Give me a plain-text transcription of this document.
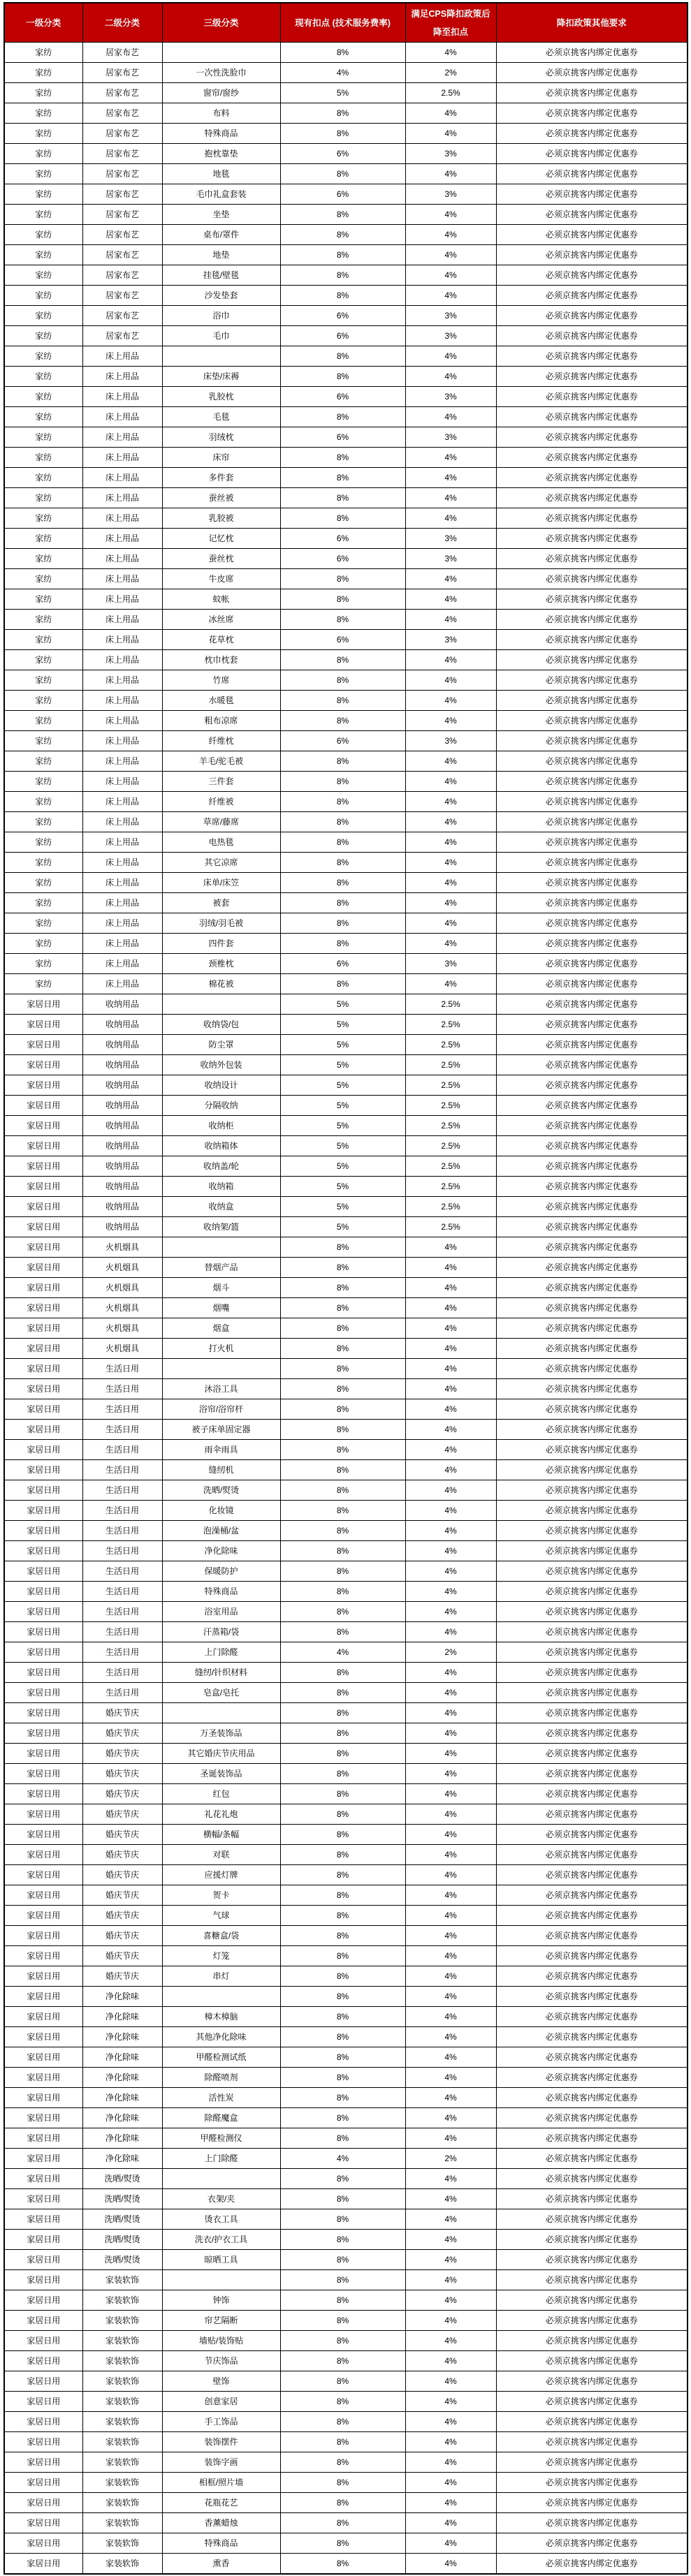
一级分类	二级分类	三级分类	现有扣点 (技术服务费率)	满足CPS降扣政策后降至扣点	降扣政策其他要求
家纺	居家布艺		8%	4%	必须京挑客内绑定优惠券
家纺	居家布艺	一次性洗脸巾	4%	2%	必须京挑客内绑定优惠券
家纺	居家布艺	窗帘/窗纱	5%	2.5%	必须京挑客内绑定优惠券
家纺	居家布艺	布料	8%	4%	必须京挑客内绑定优惠券
家纺	居家布艺	特殊商品	8%	4%	必须京挑客内绑定优惠券
家纺	居家布艺	抱枕靠垫	6%	3%	必须京挑客内绑定优惠券
家纺	居家布艺	地毯	8%	4%	必须京挑客内绑定优惠券
家纺	居家布艺	毛巾礼盒套装	6%	3%	必须京挑客内绑定优惠券
家纺	居家布艺	坐垫	8%	4%	必须京挑客内绑定优惠券
家纺	居家布艺	桌布/罩件	8%	4%	必须京挑客内绑定优惠券
家纺	居家布艺	地垫	8%	4%	必须京挑客内绑定优惠券
家纺	居家布艺	挂毯/壁毯	8%	4%	必须京挑客内绑定优惠券
家纺	居家布艺	沙发垫套	8%	4%	必须京挑客内绑定优惠券
家纺	居家布艺	浴巾	6%	3%	必须京挑客内绑定优惠券
家纺	居家布艺	毛巾	6%	3%	必须京挑客内绑定优惠券
家纺	床上用品		8%	4%	必须京挑客内绑定优惠券
家纺	床上用品	床垫/床褥	8%	4%	必须京挑客内绑定优惠券
家纺	床上用品	乳胶枕	6%	3%	必须京挑客内绑定优惠券
家纺	床上用品	毛毯	8%	4%	必须京挑客内绑定优惠券
家纺	床上用品	羽绒枕	6%	3%	必须京挑客内绑定优惠券
家纺	床上用品	床帘	8%	4%	必须京挑客内绑定优惠券
家纺	床上用品	多件套	8%	4%	必须京挑客内绑定优惠券
家纺	床上用品	蚕丝被	8%	4%	必须京挑客内绑定优惠券
家纺	床上用品	乳胶被	8%	4%	必须京挑客内绑定优惠券
家纺	床上用品	记忆枕	6%	3%	必须京挑客内绑定优惠券
家纺	床上用品	蚕丝枕	6%	3%	必须京挑客内绑定优惠券
家纺	床上用品	牛皮席	8%	4%	必须京挑客内绑定优惠券
家纺	床上用品	蚊帐	8%	4%	必须京挑客内绑定优惠券
家纺	床上用品	冰丝席	8%	4%	必须京挑客内绑定优惠券
家纺	床上用品	花草枕	6%	3%	必须京挑客内绑定优惠券
家纺	床上用品	枕巾枕套	8%	4%	必须京挑客内绑定优惠券
家纺	床上用品	竹席	8%	4%	必须京挑客内绑定优惠券
家纺	床上用品	水暖毯	8%	4%	必须京挑客内绑定优惠券
家纺	床上用品	粗布凉席	8%	4%	必须京挑客内绑定优惠券
家纺	床上用品	纤维枕	6%	3%	必须京挑客内绑定优惠券
家纺	床上用品	羊毛/驼毛被	8%	4%	必须京挑客内绑定优惠券
家纺	床上用品	三件套	8%	4%	必须京挑客内绑定优惠券
家纺	床上用品	纤维被	8%	4%	必须京挑客内绑定优惠券
家纺	床上用品	草席/藤席	8%	4%	必须京挑客内绑定优惠券
家纺	床上用品	电热毯	8%	4%	必须京挑客内绑定优惠券
家纺	床上用品	其它凉席	8%	4%	必须京挑客内绑定优惠券
家纺	床上用品	床单/床笠	8%	4%	必须京挑客内绑定优惠券
家纺	床上用品	被套	8%	4%	必须京挑客内绑定优惠券
家纺	床上用品	羽绒/羽毛被	8%	4%	必须京挑客内绑定优惠券
家纺	床上用品	四件套	8%	4%	必须京挑客内绑定优惠券
家纺	床上用品	颈椎枕	6%	3%	必须京挑客内绑定优惠券
家纺	床上用品	棉花被	8%	4%	必须京挑客内绑定优惠券
家居日用	收纳用品		5%	2.5%	必须京挑客内绑定优惠券
家居日用	收纳用品	收纳袋/包	5%	2.5%	必须京挑客内绑定优惠券
家居日用	收纳用品	防尘罩	5%	2.5%	必须京挑客内绑定优惠券
家居日用	收纳用品	收纳外包装	5%	2.5%	必须京挑客内绑定优惠券
家居日用	收纳用品	收纳设计	5%	2.5%	必须京挑客内绑定优惠券
家居日用	收纳用品	分隔收纳	5%	2.5%	必须京挑客内绑定优惠券
家居日用	收纳用品	收纳柜	5%	2.5%	必须京挑客内绑定优惠券
家居日用	收纳用品	收纳箱体	5%	2.5%	必须京挑客内绑定优惠券
家居日用	收纳用品	收纳盖/轮	5%	2.5%	必须京挑客内绑定优惠券
家居日用	收纳用品	收纳箱	5%	2.5%	必须京挑客内绑定优惠券
家居日用	收纳用品	收纳盒	5%	2.5%	必须京挑客内绑定优惠券
家居日用	收纳用品	收纳架/篮	5%	2.5%	必须京挑客内绑定优惠券
家居日用	火机烟具		8%	4%	必须京挑客内绑定优惠券
家居日用	火机烟具	替烟产品	8%	4%	必须京挑客内绑定优惠券
家居日用	火机烟具	烟斗	8%	4%	必须京挑客内绑定优惠券
家居日用	火机烟具	烟嘴	8%	4%	必须京挑客内绑定优惠券
家居日用	火机烟具	烟盒	8%	4%	必须京挑客内绑定优惠券
家居日用	火机烟具	打火机	8%	4%	必须京挑客内绑定优惠券
家居日用	生活日用		8%	4%	必须京挑客内绑定优惠券
家居日用	生活日用	沐浴工具	8%	4%	必须京挑客内绑定优惠券
家居日用	生活日用	浴帘/浴帘杆	8%	4%	必须京挑客内绑定优惠券
家居日用	生活日用	被子床单固定器	8%	4%	必须京挑客内绑定优惠券
家居日用	生活日用	雨伞雨具	8%	4%	必须京挑客内绑定优惠券
家居日用	生活日用	缝纫机	8%	4%	必须京挑客内绑定优惠券
家居日用	生活日用	洗晒/熨烫	8%	4%	必须京挑客内绑定优惠券
家居日用	生活日用	化妆镜	8%	4%	必须京挑客内绑定优惠券
家居日用	生活日用	泡澡桶/盆	8%	4%	必须京挑客内绑定优惠券
家居日用	生活日用	净化除味	8%	4%	必须京挑客内绑定优惠券
家居日用	生活日用	保暖防护	8%	4%	必须京挑客内绑定优惠券
家居日用	生活日用	特殊商品	8%	4%	必须京挑客内绑定优惠券
家居日用	生活日用	浴室用品	8%	4%	必须京挑客内绑定优惠券
家居日用	生活日用	汗蒸箱/袋	8%	4%	必须京挑客内绑定优惠券
家居日用	生活日用	上门除醛	4%	2%	必须京挑客内绑定优惠券
家居日用	生活日用	缝纫/针织材料	8%	4%	必须京挑客内绑定优惠券
家居日用	生活日用	皂盒/皂托	8%	4%	必须京挑客内绑定优惠券
家居日用	婚庆节庆		8%	4%	必须京挑客内绑定优惠券
家居日用	婚庆节庆	万圣装饰品	8%	4%	必须京挑客内绑定优惠券
家居日用	婚庆节庆	其它婚庆节庆用品	8%	4%	必须京挑客内绑定优惠券
家居日用	婚庆节庆	圣诞装饰品	8%	4%	必须京挑客内绑定优惠券
家居日用	婚庆节庆	红包	8%	4%	必须京挑客内绑定优惠券
家居日用	婚庆节庆	礼花礼炮	8%	4%	必须京挑客内绑定优惠券
家居日用	婚庆节庆	横幅/条幅	8%	4%	必须京挑客内绑定优惠券
家居日用	婚庆节庆	对联	8%	4%	必须京挑客内绑定优惠券
家居日用	婚庆节庆	应援灯牌	8%	4%	必须京挑客内绑定优惠券
家居日用	婚庆节庆	贺卡	8%	4%	必须京挑客内绑定优惠券
家居日用	婚庆节庆	气球	8%	4%	必须京挑客内绑定优惠券
家居日用	婚庆节庆	喜糖盒/袋	8%	4%	必须京挑客内绑定优惠券
家居日用	婚庆节庆	灯笼	8%	4%	必须京挑客内绑定优惠券
家居日用	婚庆节庆	串灯	8%	4%	必须京挑客内绑定优惠券
家居日用	净化除味		8%	4%	必须京挑客内绑定优惠券
家居日用	净化除味	樟木樟脑	8%	4%	必须京挑客内绑定优惠券
家居日用	净化除味	其他净化除味	8%	4%	必须京挑客内绑定优惠券
家居日用	净化除味	甲醛检测试纸	8%	4%	必须京挑客内绑定优惠券
家居日用	净化除味	除醛喷剂	8%	4%	必须京挑客内绑定优惠券
家居日用	净化除味	活性炭	8%	4%	必须京挑客内绑定优惠券
家居日用	净化除味	除醛魔盒	8%	4%	必须京挑客内绑定优惠券
家居日用	净化除味	甲醛检测仪	8%	4%	必须京挑客内绑定优惠券
家居日用	净化除味	上门除醛	4%	2%	必须京挑客内绑定优惠券
家居日用	洗晒/熨烫		8%	4%	必须京挑客内绑定优惠券
家居日用	洗晒/熨烫	衣架/夹	8%	4%	必须京挑客内绑定优惠券
家居日用	洗晒/熨烫	烫衣工具	8%	4%	必须京挑客内绑定优惠券
家居日用	洗晒/熨烫	洗衣/护衣工具	8%	4%	必须京挑客内绑定优惠券
家居日用	洗晒/熨烫	晾晒工具	8%	4%	必须京挑客内绑定优惠券
家居日用	家装软饰		8%	4%	必须京挑客内绑定优惠券
家居日用	家装软饰	钟饰	8%	4%	必须京挑客内绑定优惠券
家居日用	家装软饰	帘艺隔断	8%	4%	必须京挑客内绑定优惠券
家居日用	家装软饰	墙贴/装饰贴	8%	4%	必须京挑客内绑定优惠券
家居日用	家装软饰	节庆饰品	8%	4%	必须京挑客内绑定优惠券
家居日用	家装软饰	壁饰	8%	4%	必须京挑客内绑定优惠券
家居日用	家装软饰	创意家居	8%	4%	必须京挑客内绑定优惠券
家居日用	家装软饰	手工饰品	8%	4%	必须京挑客内绑定优惠券
家居日用	家装软饰	装饰摆件	8%	4%	必须京挑客内绑定优惠券
家居日用	家装软饰	装饰字画	8%	4%	必须京挑客内绑定优惠券
家居日用	家装软饰	相框/照片墙	8%	4%	必须京挑客内绑定优惠券
家居日用	家装软饰	花瓶花艺	8%	4%	必须京挑客内绑定优惠券
家居日用	家装软饰	香薰蜡烛	8%	4%	必须京挑客内绑定优惠券
家居日用	家装软饰	特殊商品	8%	4%	必须京挑客内绑定优惠券
家居日用	家装软饰	熏香	8%	4%	必须京挑客内绑定优惠券
